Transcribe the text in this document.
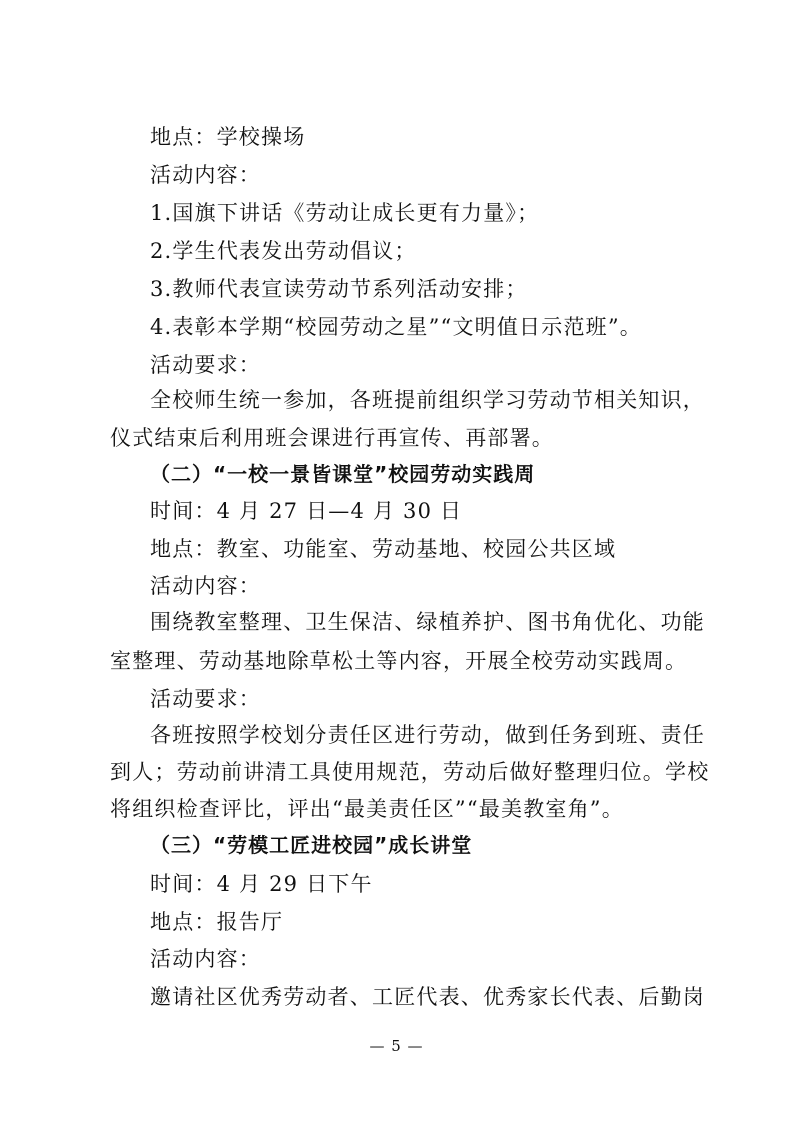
地点：学校操场
活动内容：
1.国旗下讲话《劳动让成长更有力量》；
2.学生代表发出劳动倡议；
3.教师代表宣读劳动节系列活动安排；
4.表彰本学期“校园劳动之星”“文明值日示范班”。
活动要求：
全校师生统一参加，各班提前组织学习劳动节相关知识，
仪式结束后利用班会课进行再宣传、再部署。
（二）“一校一景皆课堂”校园劳动实践周
时间：4 月 27 日—4 月 30 日
地点：教室、功能室、劳动基地、校园公共区域
活动内容：
围绕教室整理、卫生保洁、绿植养护、图书角优化、功能
室整理、劳动基地除草松土等内容，开展全校劳动实践周。
活动要求：
各班按照学校划分责任区进行劳动，做到任务到班、责任
到人；劳动前讲清工具使用规范，劳动后做好整理归位。学校
将组织检查评比，评出“最美责任区”“最美教室角”。
（三）“劳模工匠进校园”成长讲堂
时间：4 月 29 日下午
地点：报告厅
活动内容：
邀请社区优秀劳动者、工匠代表、优秀家长代表、后勤岗
— 5 —
